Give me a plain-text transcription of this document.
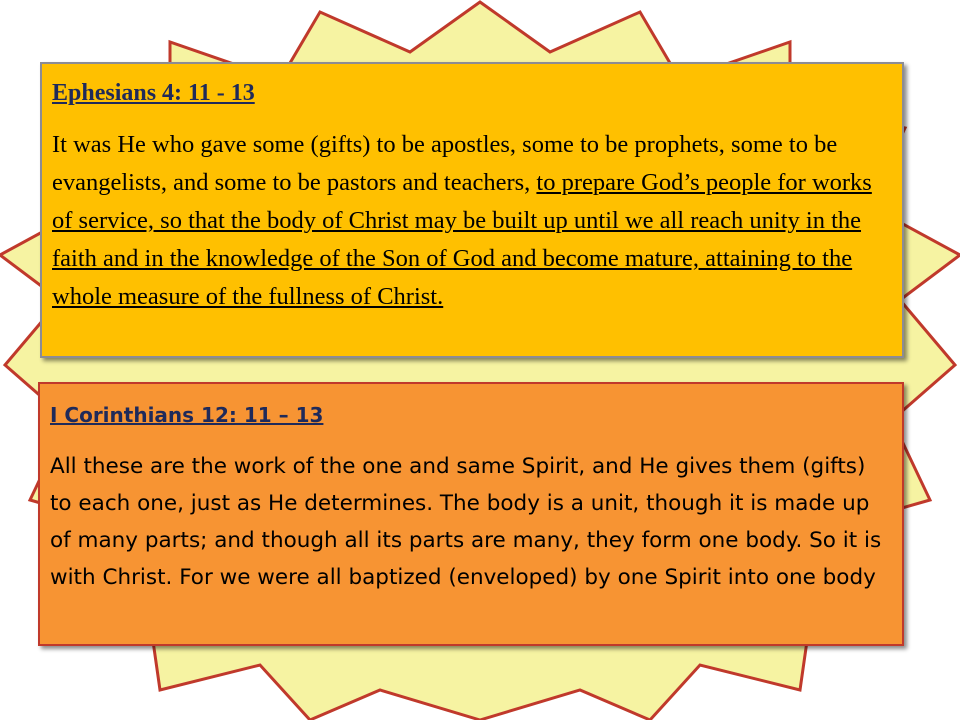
Ephesians 4: 11 - 13

It was He who gave some (gifts) to be apostles, some to be prophets, some to be evangelists, and some to be pastors and teachers, to prepare God’s people for works of service, so that the body of Christ may be built up until we all reach unity in the faith and in the knowledge of the Son of God and become mature, attaining to the whole measure of the fullness of Christ.

I Corinthians 12: 11 – 13

All these are the work of the one and same Spirit, and He gives them (gifts) to each one, just as He determines. The body is a unit, though it is made up of many parts; and though all its parts are many, they form one body. So it is with Christ. For we were all baptized (enveloped) by one Spirit into one body
